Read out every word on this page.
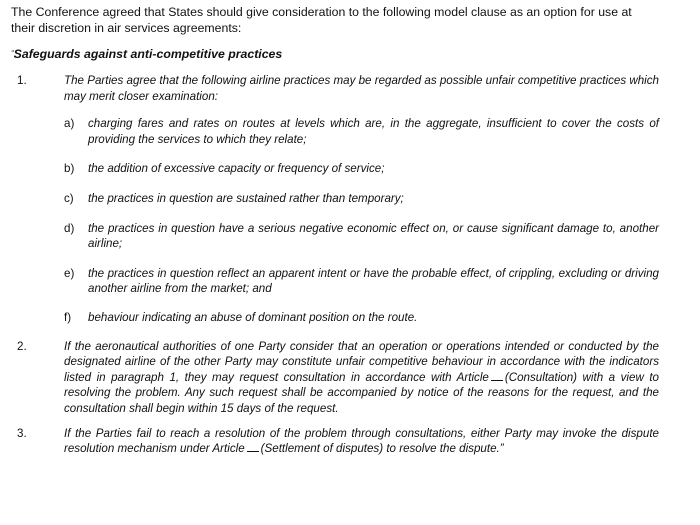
The Conference agreed that States should give consideration to the following model clause as an option for use at their discretion in air services agreements:

“Safeguards against anti-competitive practices

1.	The Parties agree that the following airline practices may be regarded as possible unfair competitive practices which may merit closer examination:
a) charging fares and rates on routes at levels which are, in the aggregate, insufficient to cover the costs of providing the services to which they relate;
b) the addition of excessive capacity or frequency of service;
c) the practices in question are sustained rather than temporary;
d) the practices in question have a serious negative economic effect on, or cause significant damage to, another airline;
e) the practices in question reflect an apparent intent or have the probable effect, of crippling, excluding or driving another airline from the market; and
f) behaviour indicating an abuse of dominant position on the route.
2.	If the aeronautical authorities of one Party consider that an operation or operations intended or conducted by the designated airline of the other Party may constitute unfair competitive behaviour in accordance with the indicators listed in paragraph 1, they may request consultation in accordance with Article (Consultation) with a view to resolving the problem. Any such request shall be accompanied by notice of the reasons for the request, and the consultation shall begin within 15 days of the request.
3.	If the Parties fail to reach a resolution of the problem through consultations, either Party may invoke the dispute resolution mechanism under Article (Settlement of disputes) to resolve the dispute.”
